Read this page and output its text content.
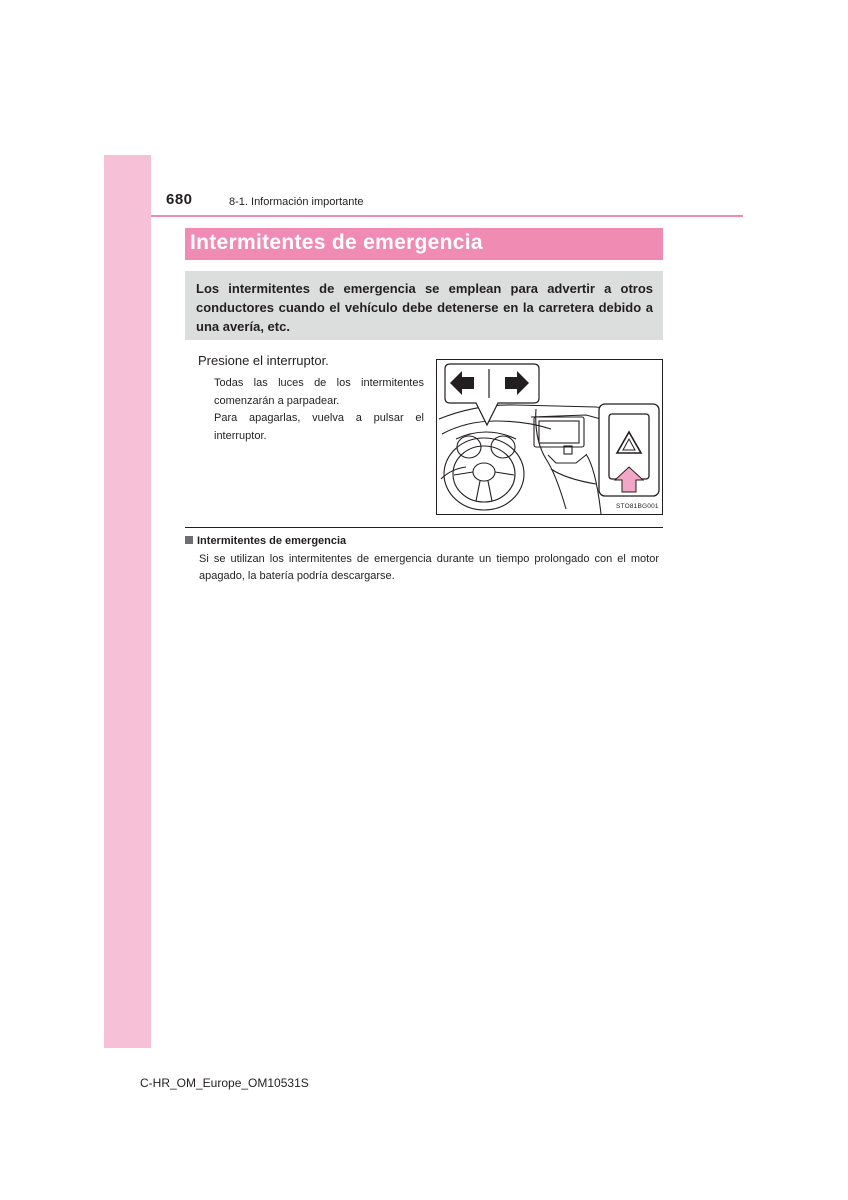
680	8-1. Información importante
Intermitentes de emergencia
Los intermitentes de emergencia se emplean para advertir a otros conductores cuando el vehículo debe detenerse en la carretera debido a una avería, etc.
Presione el interruptor.

Todas las luces de los intermitentes comenzarán a parpadear.

Para apagarlas, vuelva a pulsar el interruptor.

STO81BG001
Intermitentes de emergencia
Si se utilizan los intermitentes de emergencia durante un tiempo prolongado con el motor apagado, la batería podría descargarse.
C-HR_OM_Europe_OM10531S
